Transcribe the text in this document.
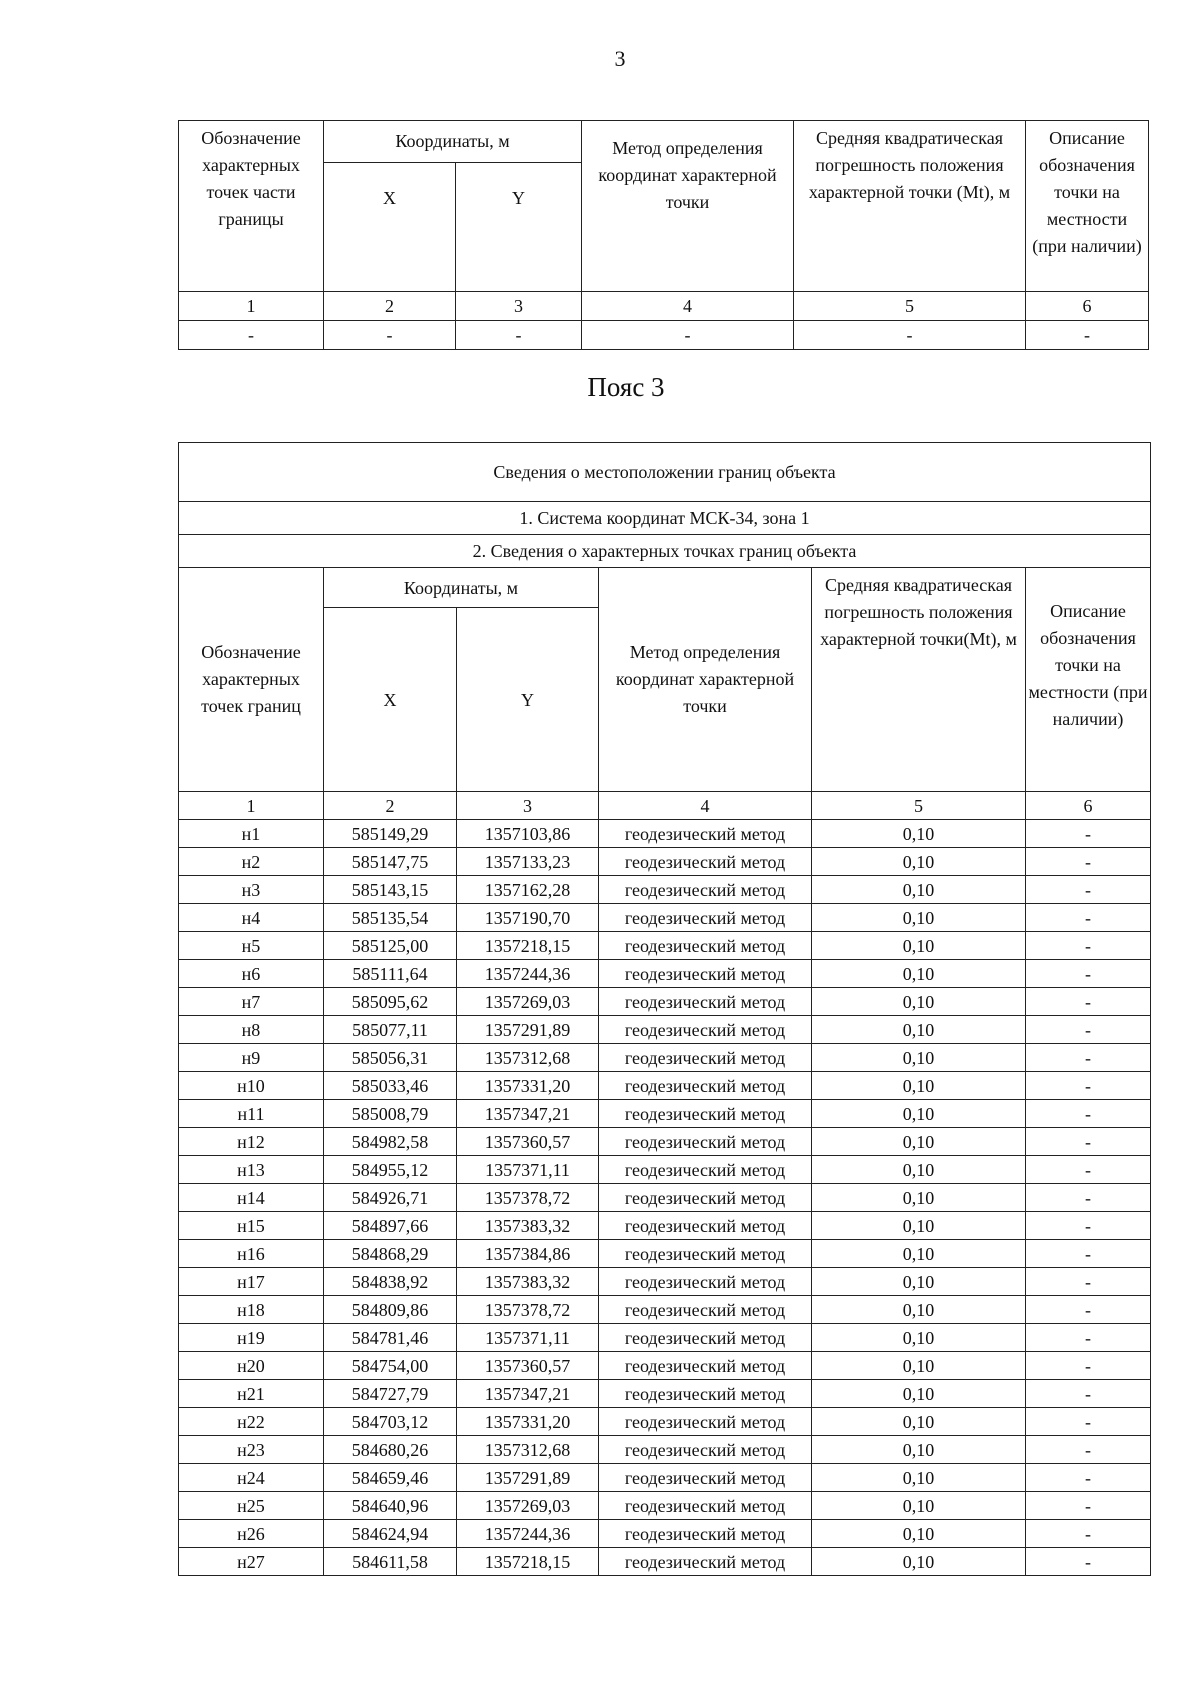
3
Обозначение характерных точек части границы	Координаты, м		Метод определения координат характерной точки	Средняя квадратическая погрешность положения характерной точки (Mt), м	Описание обозначения точки на местности (при наличии)
	X	Y			
1	2	3	4	5	6
-	-	-	-	-	-
Пояс 3
Сведения о местоположении границ объекта					
1. Система координат МСК-34, зона 1					
2. Сведения о характерных точках границ объекта					
Обозначение характерных точек границ	Координаты, м		Метод определения координат характерной точки	Средняя квадратическая погрешность положения характерной точки(Mt), м	Описание обозначения точки на местности (при наличии)
	X	Y			
1	2	3	4	5	6
н1	585149,29	1357103,86	геодезический метод	0,10	-
н2	585147,75	1357133,23	геодезический метод	0,10	-
н3	585143,15	1357162,28	геодезический метод	0,10	-
н4	585135,54	1357190,70	геодезический метод	0,10	-
н5	585125,00	1357218,15	геодезический метод	0,10	-
н6	585111,64	1357244,36	геодезический метод	0,10	-
н7	585095,62	1357269,03	геодезический метод	0,10	-
н8	585077,11	1357291,89	геодезический метод	0,10	-
н9	585056,31	1357312,68	геодезический метод	0,10	-
н10	585033,46	1357331,20	геодезический метод	0,10	-
н11	585008,79	1357347,21	геодезический метод	0,10	-
н12	584982,58	1357360,57	геодезический метод	0,10	-
н13	584955,12	1357371,11	геодезический метод	0,10	-
н14	584926,71	1357378,72	геодезический метод	0,10	-
н15	584897,66	1357383,32	геодезический метод	0,10	-
н16	584868,29	1357384,86	геодезический метод	0,10	-
н17	584838,92	1357383,32	геодезический метод	0,10	-
н18	584809,86	1357378,72	геодезический метод	0,10	-
н19	584781,46	1357371,11	геодезический метод	0,10	-
н20	584754,00	1357360,57	геодезический метод	0,10	-
н21	584727,79	1357347,21	геодезический метод	0,10	-
н22	584703,12	1357331,20	геодезический метод	0,10	-
н23	584680,26	1357312,68	геодезический метод	0,10	-
н24	584659,46	1357291,89	геодезический метод	0,10	-
н25	584640,96	1357269,03	геодезический метод	0,10	-
н26	584624,94	1357244,36	геодезический метод	0,10	-
н27	584611,58	1357218,15	геодезический метод	0,10	-
